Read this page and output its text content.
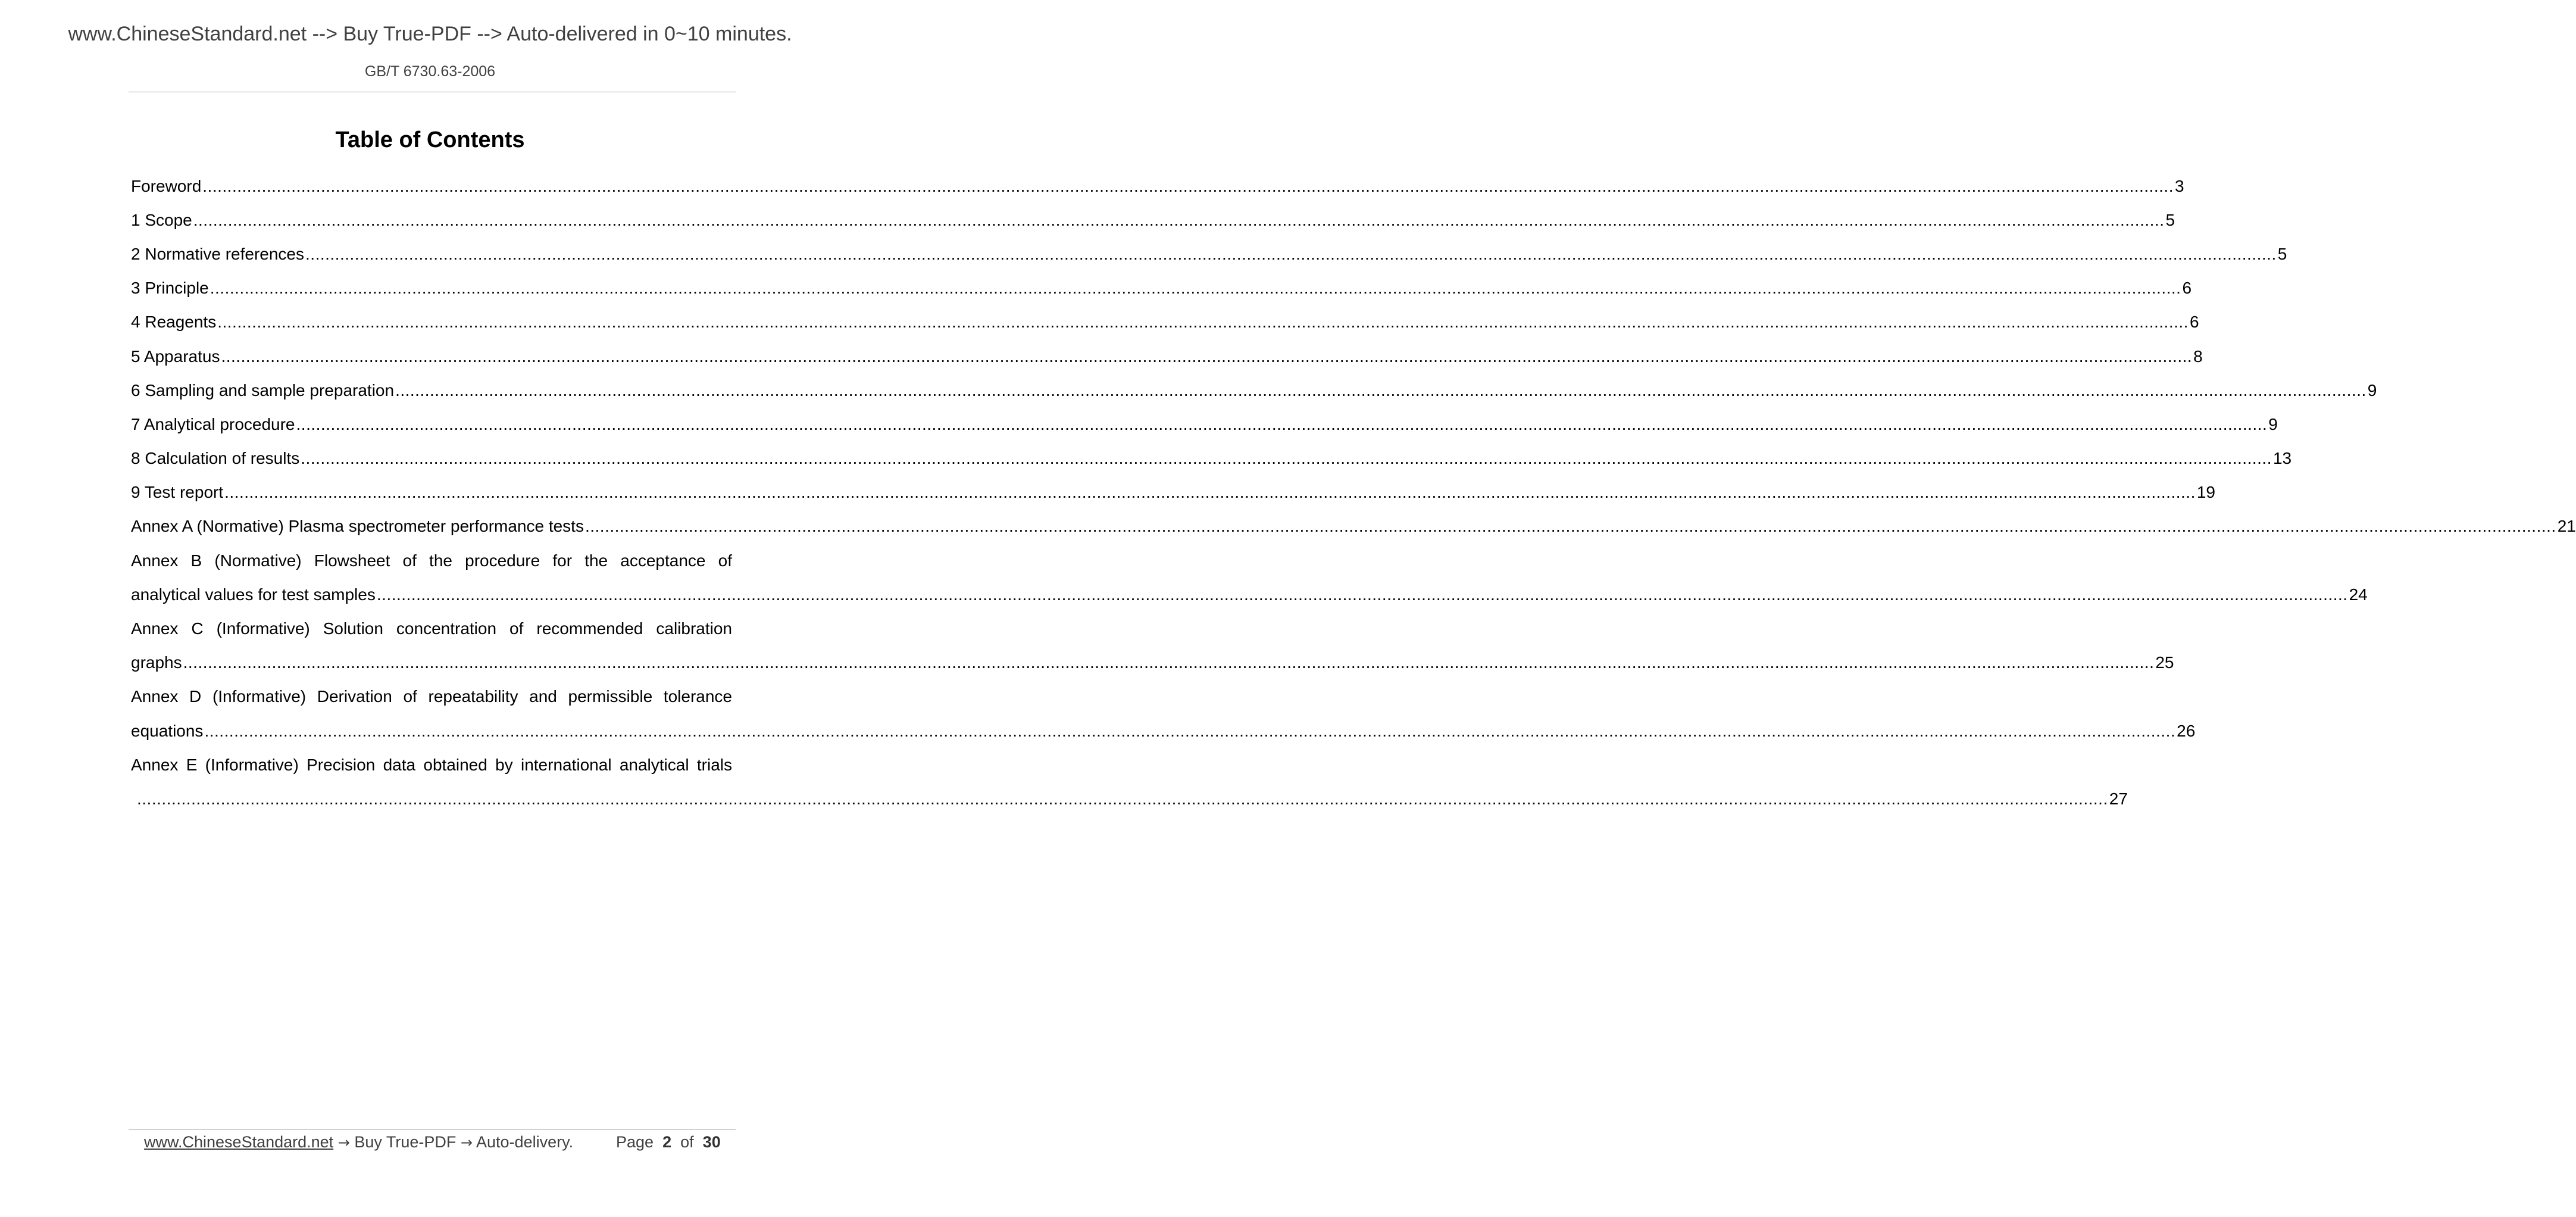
www.ChineseStandard.net --> Buy True-PDF --> Auto-delivered in 0~10 minutes.
GB/T 6730.63-2006
Table of Contents
Foreword ................................................................................................................................................................................................................................................................................................................................................................................................................ 3
1 Scope ................................................................................................................................................................................................................................................................................................................................................................................................................ 5
2 Normative references ................................................................................................................................................................................................................................................................................................................................................................................................................ 5
3 Principle ................................................................................................................................................................................................................................................................................................................................................................................................................ 6
4 Reagents ................................................................................................................................................................................................................................................................................................................................................................................................................ 6
5 Apparatus ................................................................................................................................................................................................................................................................................................................................................................................................................ 8
6 Sampling and sample preparation ................................................................................................................................................................................................................................................................................................................................................................................................................ 9
7 Analytical procedure ................................................................................................................................................................................................................................................................................................................................................................................................................ 9
8 Calculation of results ................................................................................................................................................................................................................................................................................................................................................................................................................ 13
9 Test report ................................................................................................................................................................................................................................................................................................................................................................................................................ 19
Annex A (Normative) Plasma spectrometer performance tests ................................................................................................................................................................................................................................................................................................................................................................................................................ 21
Annex B (Normative) Flowsheet of the procedure for the acceptance of
analytical values for test samples ................................................................................................................................................................................................................................................................................................................................................................................................................ 24
Annex C (Informative) Solution concentration of recommended calibration
graphs ................................................................................................................................................................................................................................................................................................................................................................................................................ 25
Annex D (Informative) Derivation of repeatability and permissible tolerance
equations ................................................................................................................................................................................................................................................................................................................................................................................................................ 26
Annex E (Informative) Precision data obtained by international analytical trials
................................................................................................................................................................................................................................................................................................................................................................................................................ 27
www.ChineseStandard.net → Buy True-PDF → Auto-delivery.	Page 2 of 30
